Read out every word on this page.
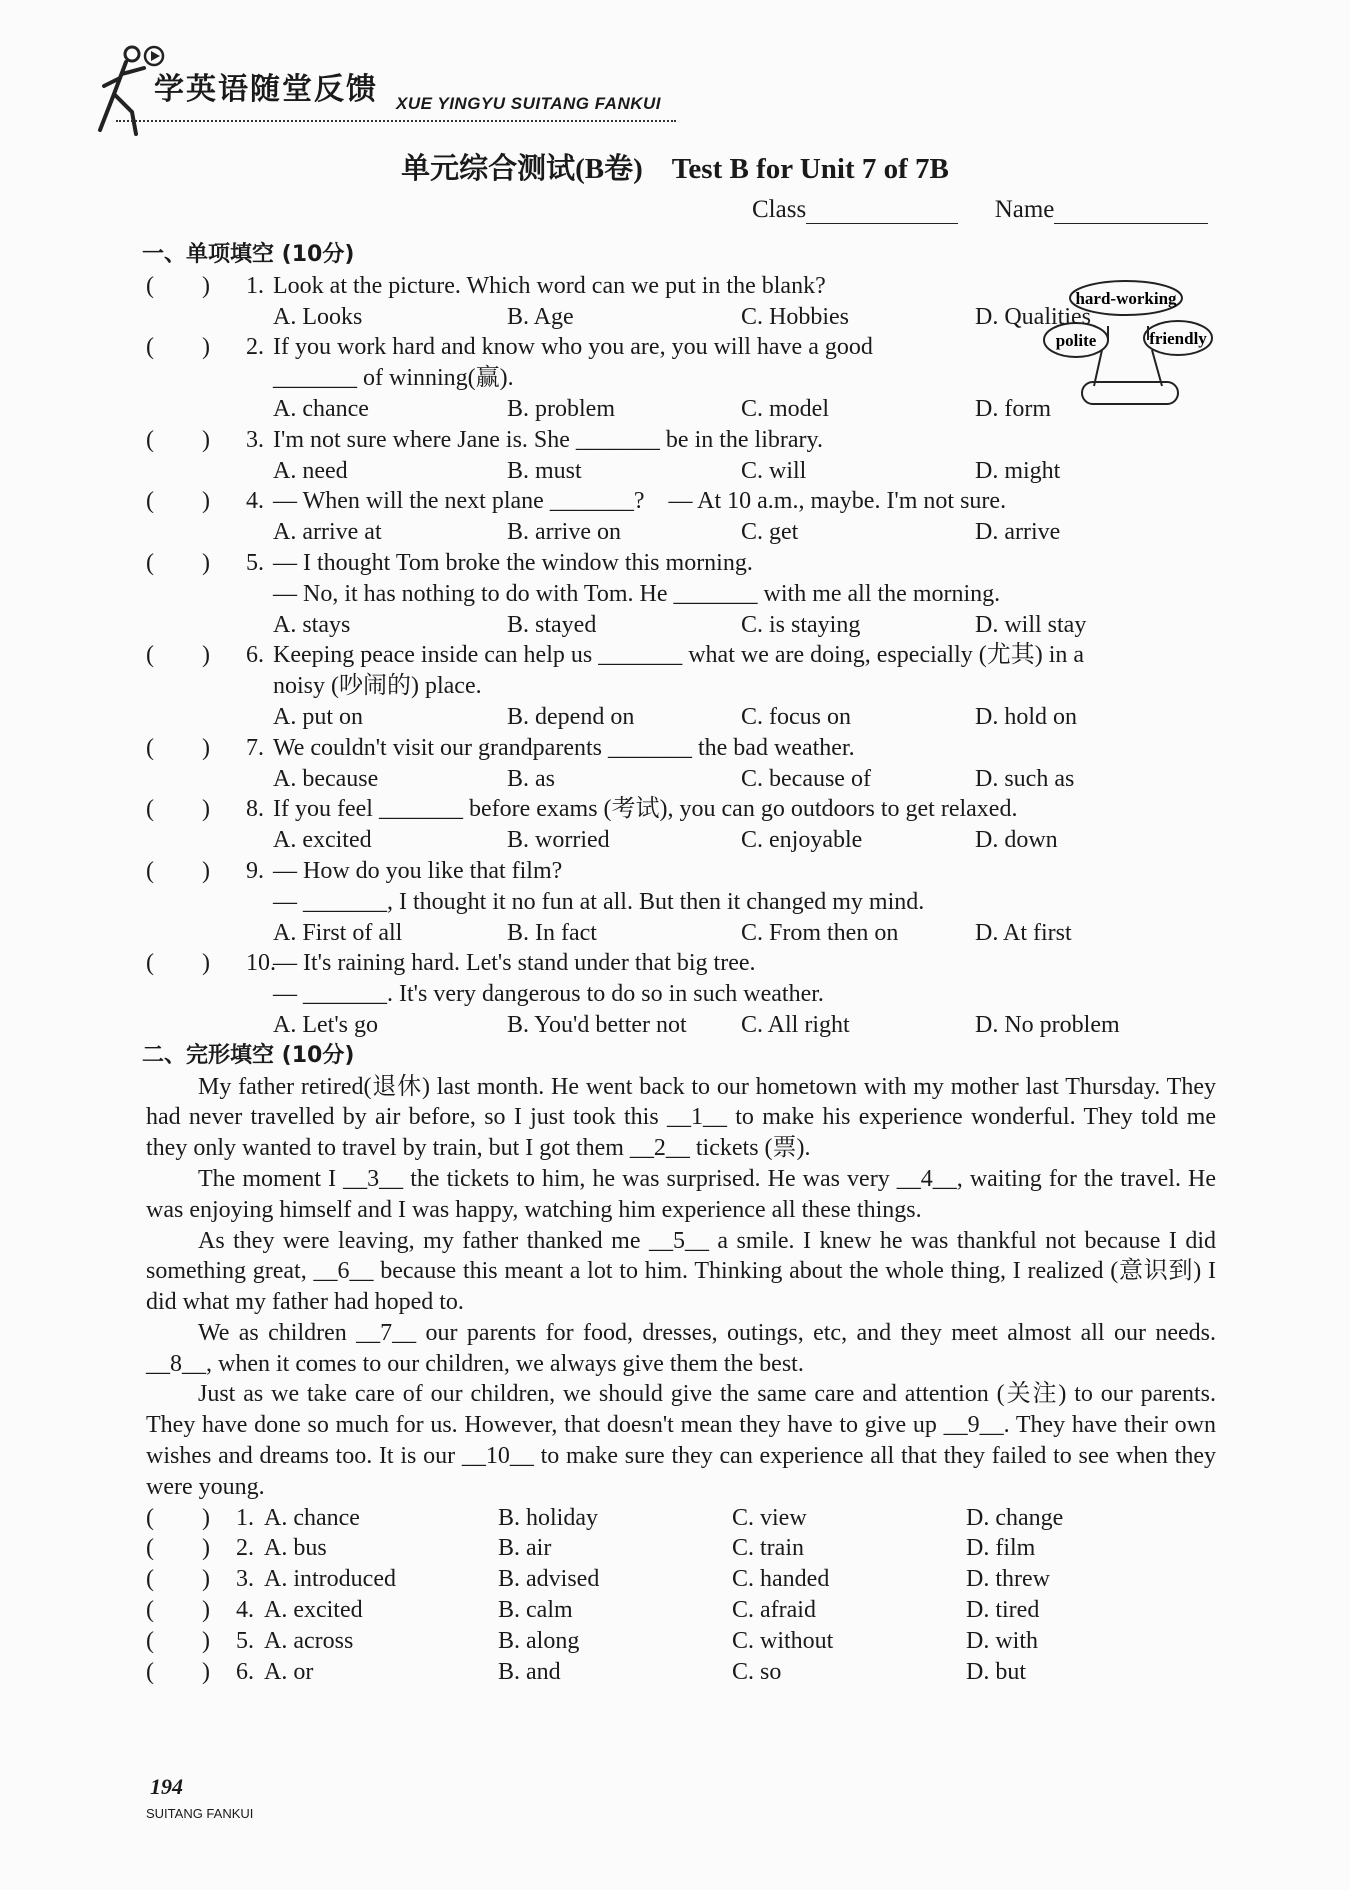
学英语随堂反馈 XUE YINGYU SUITANG FANKUI
单元综合测试(B卷)　Test B for Unit 7 of 7B
Class	Name
hard-working
polite	friendly
一、单项填空 (10分)
(　　)	1. Look at the picture. Which word can we put in the blank?
A. Looks	B. Age	C. Hobbies	D. Qualities
(　　)	2. If you work hard and know who you are, you will have a good
_______ of winning(赢).
A. chance	B. problem	C. model	D. form
(　　)	3. I'm not sure where Jane is. She _______ be in the library.
A. need	B. must	C. will	D. might
(　　)	4. — When will the next plane _______?　— At 10 a.m., maybe. I'm not sure.
A. arrive at	B. arrive on	C. get	D. arrive
(　　)	5. — I thought Tom broke the window this morning.
— No, it has nothing to do with Tom. He _______ with me all the morning.
A. stays	B. stayed	C. is staying	D. will stay
(　　)	6. Keeping peace inside can help us _______ what we are doing, especially (尤其) in a
noisy (吵闹的) place.
A. put on	B. depend on	C. focus on	D. hold on
(　　)	7. We couldn't visit our grandparents _______ the bad weather.
A. because	B. as	C. because of	D. such as
(　　)	8. If you feel _______ before exams (考试), you can go outdoors to get relaxed.
A. excited	B. worried	C. enjoyable	D. down
(　　)	9. — How do you like that film?
— _______, I thought it no fun at all. But then it changed my mind.
A. First of all	B. In fact	C. From then on	D. At first
(　　)	10.
— It's raining hard. Let's stand under that big tree.
— _______. It's very dangerous to do so in such weather.
A. Let's go	B. You'd better not	C. All right	D. No problem
二、完形填空 (10分)
My father retired(退休) last month. He went back to our hometown with my mother last Thursday. They had never travelled by air before, so I just took this __1__ to make his experience wonderful. They told me they only wanted to travel by train, but I got them __2__ tickets (票).
The moment I __3__ the tickets to him, he was surprised. He was very __4__, waiting for the travel. He was enjoying himself and I was happy, watching him experience all these things.
As they were leaving, my father thanked me __5__ a smile. I knew he was thankful not because I did something great, __6__ because this meant a lot to him. Thinking about the whole thing, I realized (意识到) I did what my father had hoped to.
We as children __7__ our parents for food, dresses, outings, etc, and they meet almost all our needs. __8__, when it comes to our children, we always give them the best.
Just as we take care of our children, we should give the same care and attention (关注) to our parents. They have done so much for us. However, that doesn't mean they have to give up __9__. They have their own wishes and dreams too. It is our __10__ to make sure they can experience all that they failed to see when they were young.
(　　)	1. A. chance	B. holiday	C. view	D. change
(　　)	2. A. bus	B. air	C. train	D. film
(　　)	3. A. introduced	B. advised	C. handed	D. threw
(　　)	4. A. excited	B. calm	C. afraid	D. tired
(　　)	5. A. across	B. along	C. without	D. with
(　　)	6. A. or	B. and	C. so	D. but
194
SUITANG FANKUI
